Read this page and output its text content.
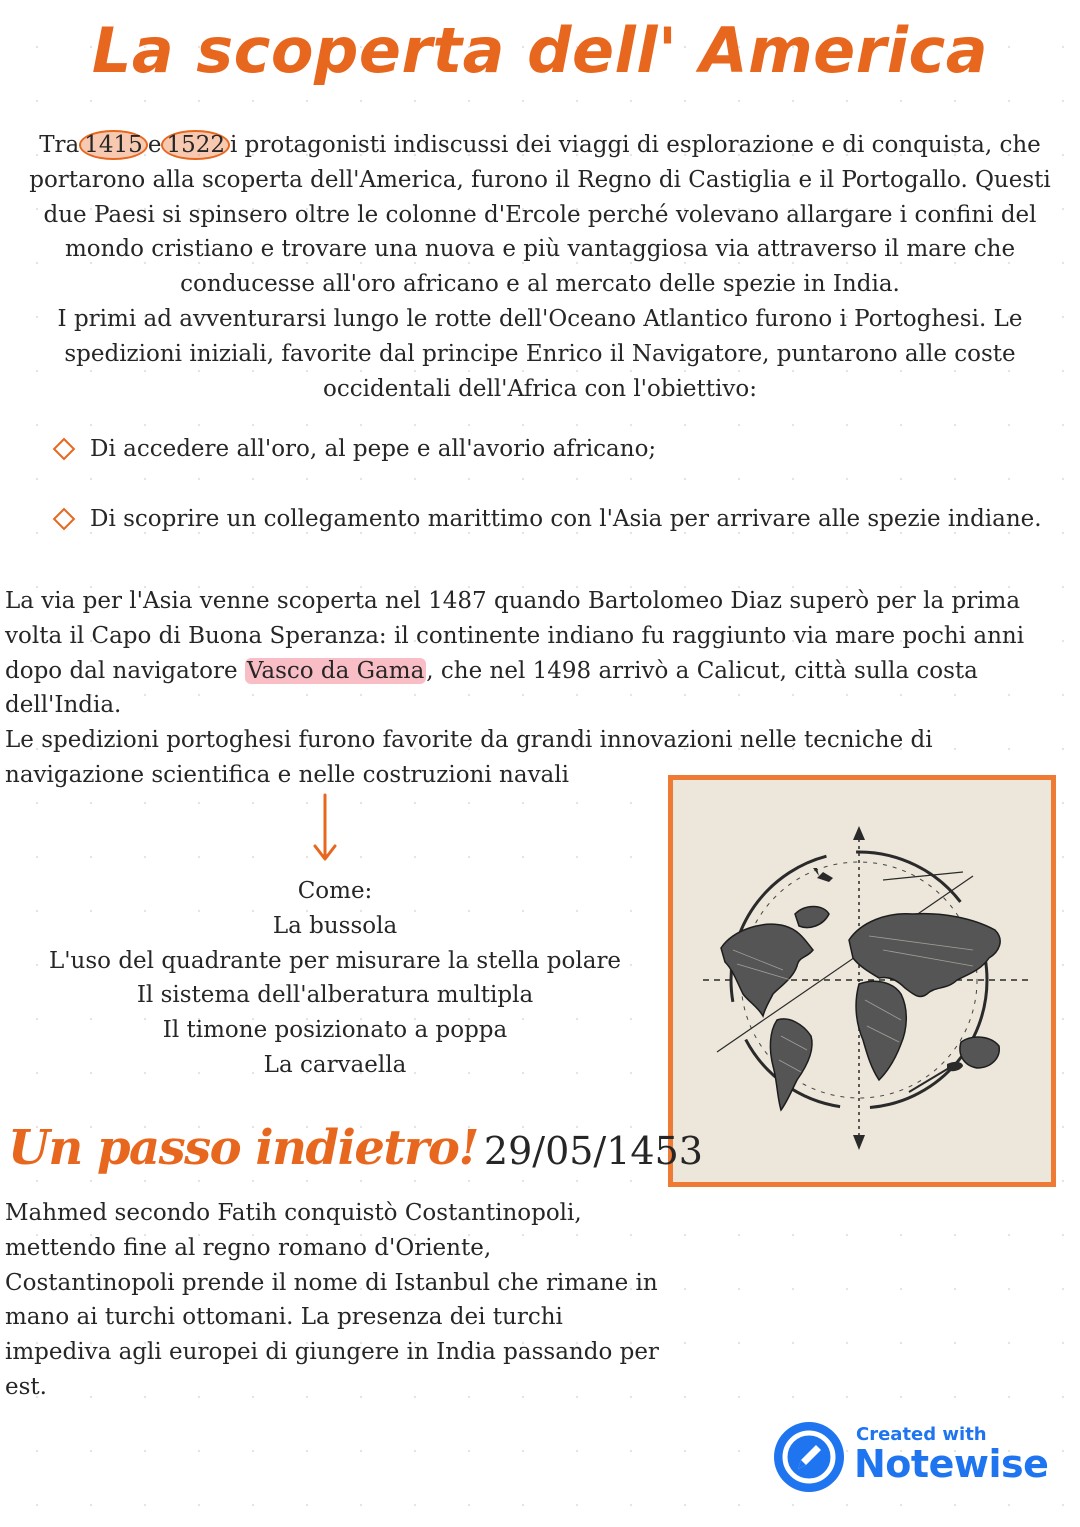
La scoperta dell' America

Tra 1415 e 1522 i protagonisti indiscussi dei viaggi di esplorazione e di conquista, che portarono alla scoperta dell'America, furono il Regno di Castiglia e il Portogallo. Questi due Paesi si spinsero oltre le colonne d'Ercole perché volevano allargare i confini del mondo cristiano e trovare una nuova e più vantaggiosa via attraverso il mare che conducesse all'oro africano e al mercato delle spezie in India.

I primi ad avventurarsi lungo le rotte dell'Oceano Atlantico furono i Portoghesi. Le spedizioni iniziali, favorite dal principe Enrico il Navigatore, puntarono alle coste occidentali dell'Africa con l'obiettivo:

Di accedere all'oro, al pepe e all'avorio africano;
Di scoprire un collegamento marittimo con l'Asia per arrivare alle spezie indiane.

La via per l'Asia venne scoperta nel 1487 quando Bartolomeo Diaz superò per la prima volta il Capo di Buona Speranza: il continente indiano fu raggiunto via mare pochi anni dopo dal navigatore Vasco da Gama, che nel 1498 arrivò a Calicut, città sulla costa dell'India.

Le spedizioni portoghesi furono favorite da grandi innovazioni nelle tecniche di navigazione scientifica e nelle costruzioni navali

Come:
La bussola
L'uso del quadrante per misurare la stella polare
Il sistema dell'alberatura multipla
Il timone posizionato a poppa
La carvaella
Un passo indietro! 29/05/1453

Mahmed secondo Fatih conquistò Costantinopoli, mettendo fine al regno romano d'Oriente, Costantinopoli prende il nome di Istanbul che rimane in mano ai turchi ottomani. La presenza dei turchi impediva agli europei di giungere in India passando per est.

Created with
Notewise
